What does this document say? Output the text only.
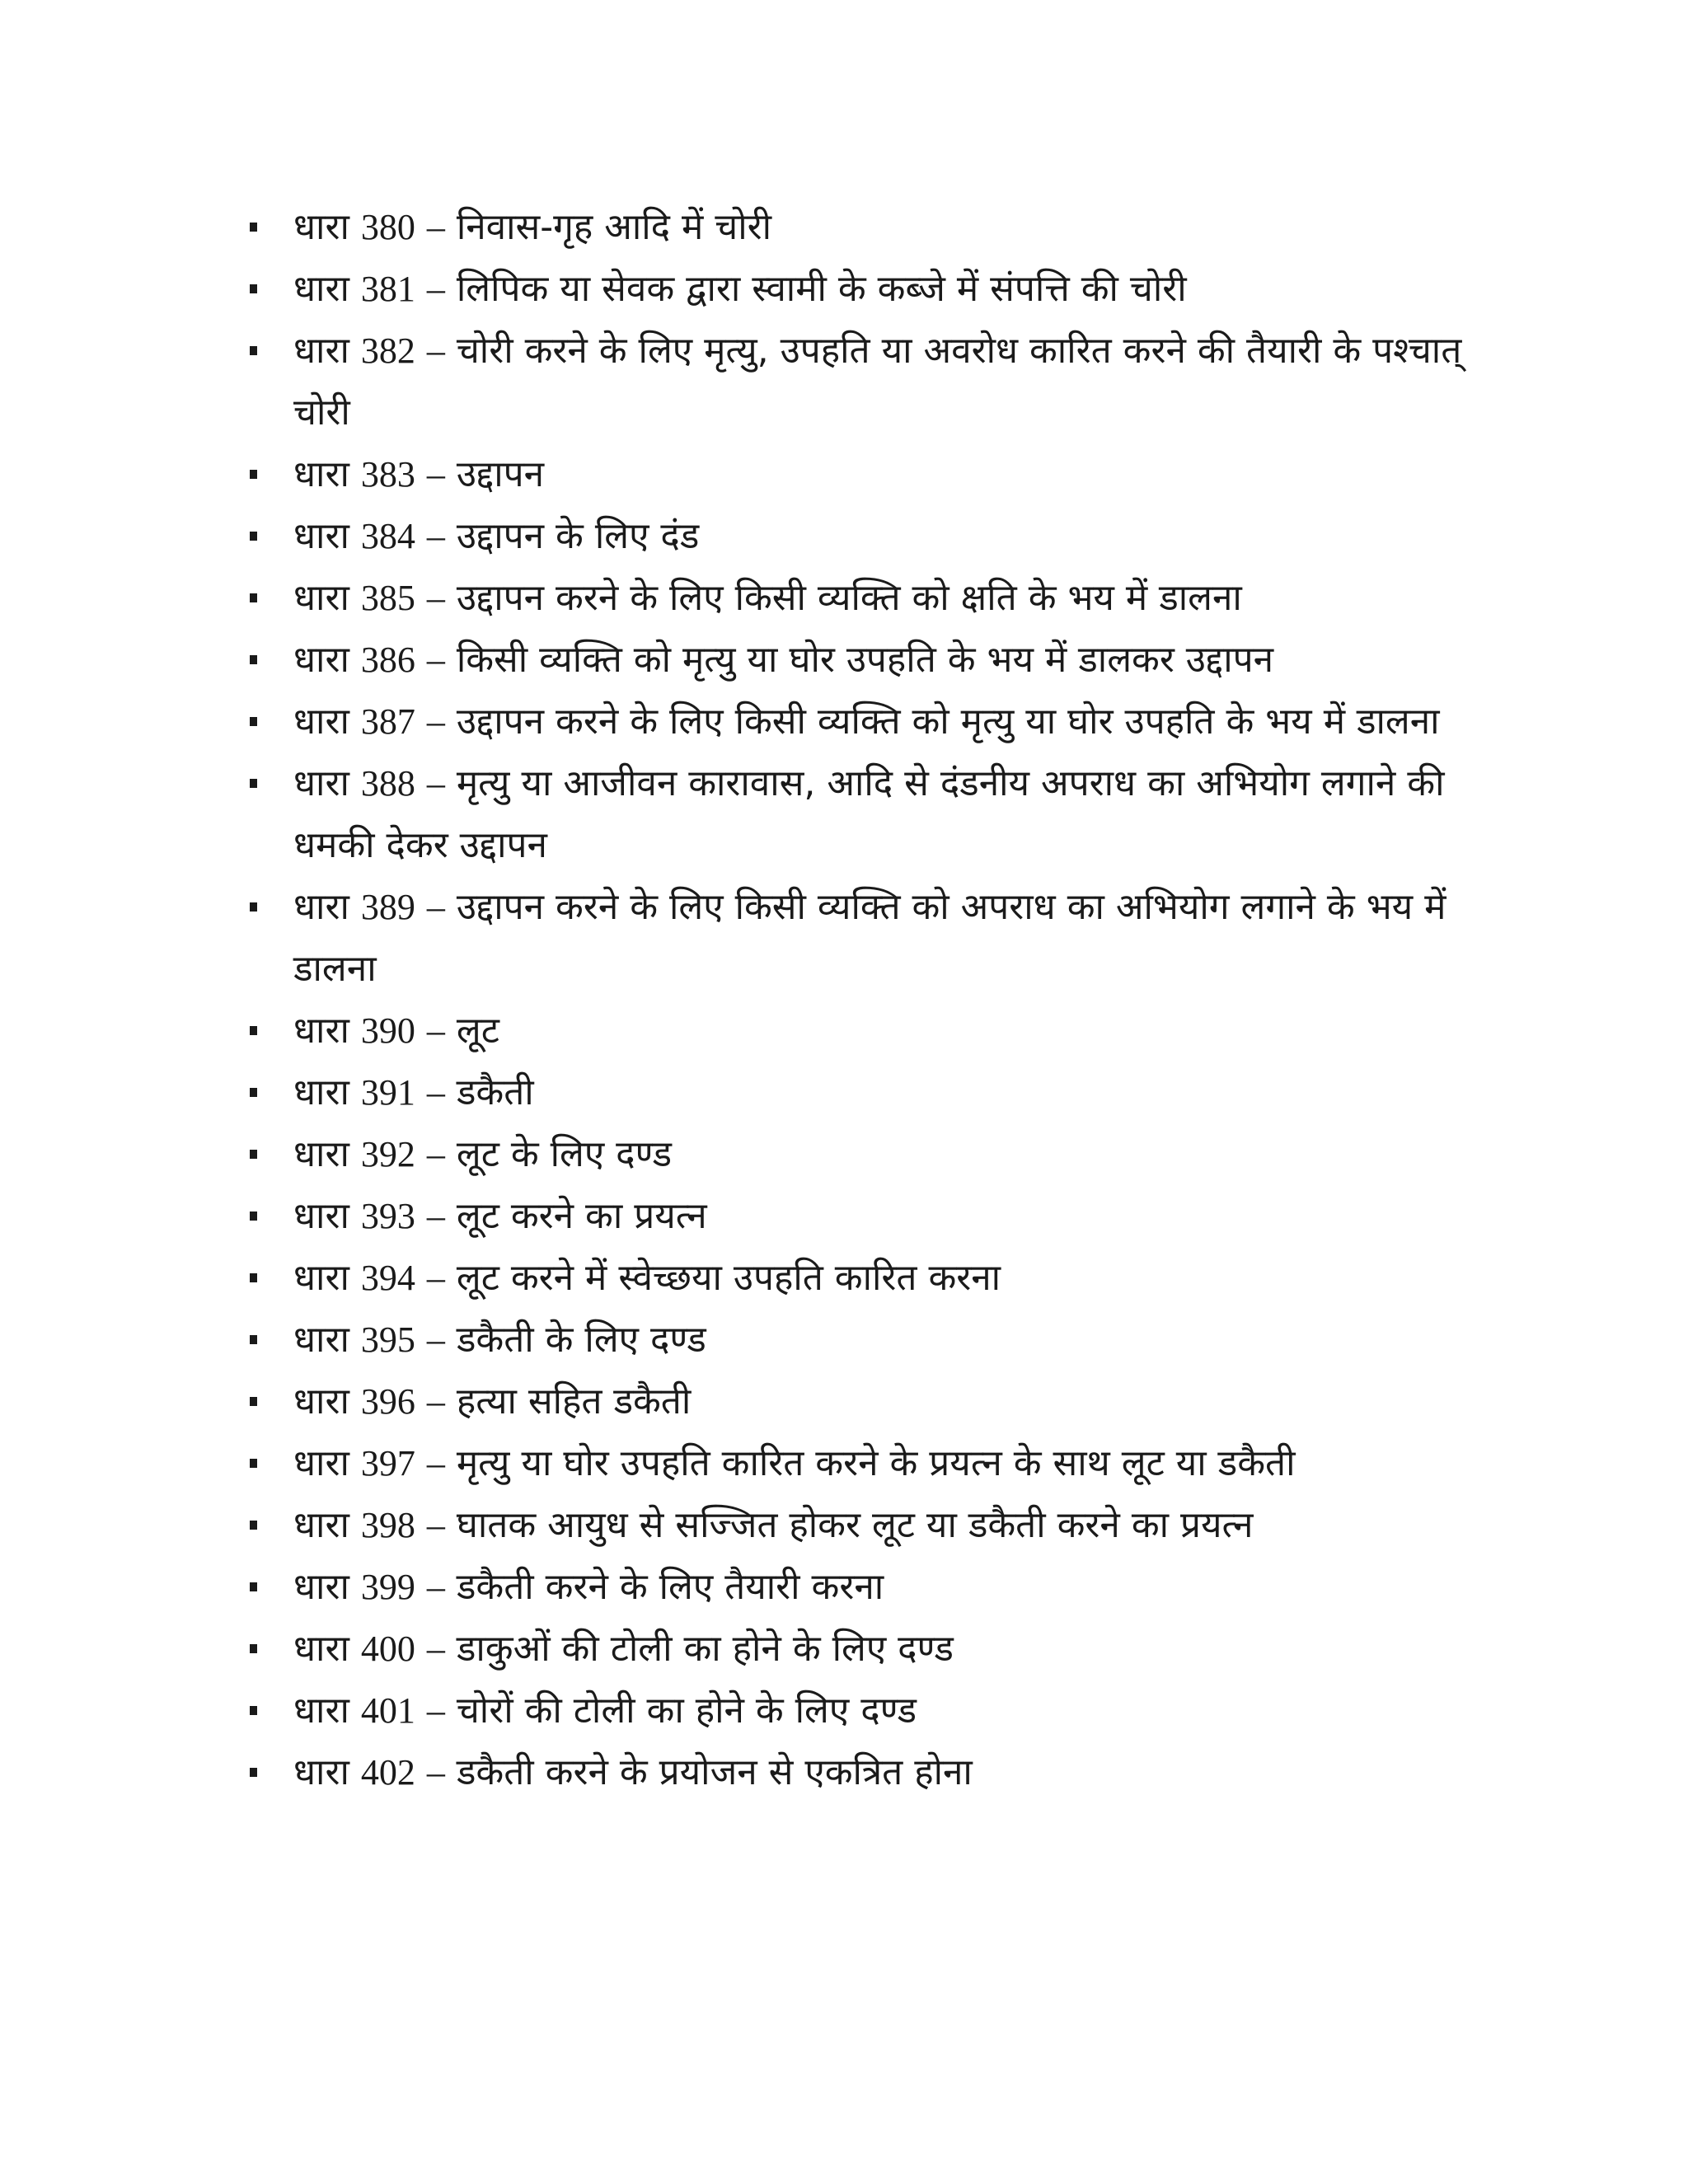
धारा 380 – निवास-गृह आदि में चोरी
धारा 381 – लिपिक या सेवक द्वारा स्वामी के कब्जे में संपत्ति की चोरी
धारा 382 – चोरी करने के लिए मृत्यु, उपहति या अवरोध कारित करने की तैयारी के पश्चात् चोरी
धारा 383 – उद्दापन
धारा 384 – उद्दापन के लिए दंड
धारा 385 – उद्दापन करने के लिए किसी व्यक्ति को क्षति के भय में डालना
धारा 386 – किसी व्यक्ति को मृत्यु या घोर उपहति के भय में डालकर उद्दापन
धारा 387 – उद्दापन करने के लिए किसी व्यक्ति को मृत्यु या घोर उपहति के भय में डालना
धारा 388 – मृत्यु या आजीवन कारावास, आदि से दंडनीय अपराध का अभियोग लगाने की धमकी देकर उद्दापन
धारा 389 – उद्दापन करने के लिए किसी व्यक्ति को अपराध का अभियोग लगाने के भय में डालना
धारा 390 – लूट
धारा 391 – डकैती
धारा 392 – लूट के लिए दण्ड
धारा 393 – लूट करने का प्रयत्न
धारा 394 – लूट करने में स्वेच्छया उपहति कारित करना
धारा 395 – डकैती के लिए दण्ड
धारा 396 – हत्या सहित डकैती
धारा 397 – मृत्यु या घोर उपहति कारित करने के प्रयत्न के साथ लूट या डकैती
धारा 398 – घातक आयुध से सज्जित होकर लूट या डकैती करने का प्रयत्न
धारा 399 – डकैती करने के लिए तैयारी करना
धारा 400 – डाकुओं की टोली का होने के लिए दण्ड
धारा 401 – चोरों की टोली का होने के लिए दण्ड
धारा 402 – डकैती करने के प्रयोजन से एकत्रित होना
